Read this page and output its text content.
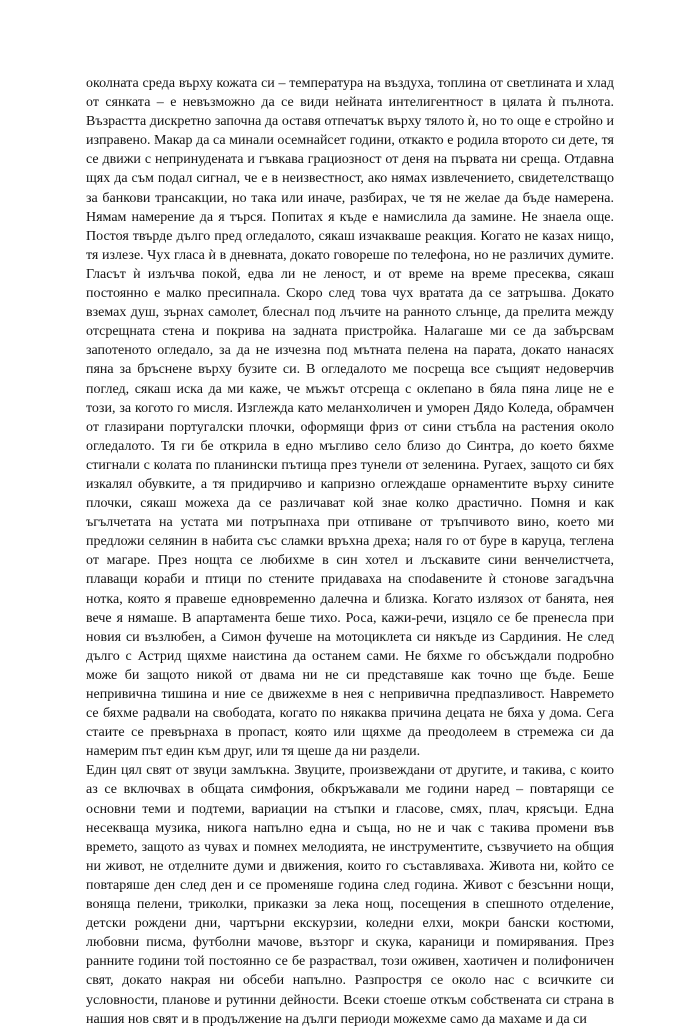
околната среда върху кожата си – температура на въздуха, топлина от светлината и хлад от сянката – е невъзможно да се види нейната интелигентност в цялата ѝ пълнота. Възрастта дискретно започна да оставя отпечатък върху тялото ѝ, но то още е стройно и изправено. Макар да са минали осемнайсет години, откакто е родила второто си дете, тя се движи с непринудената и гъвкава грациозност от деня на първата ни среща. Отдавна щях да съм подал сигнал, че е в неизвестност, ако нямах извлечението, свидетелстващо за банкови трансакции, но така или иначе, разбирах, че тя не желае да бъде намерена. Нямам намерение да я търся. Попитах я къде е намислила да замине. Не знаела още. Постоя твърде дълго пред огледалото, сякаш изчакваше реакция. Когато не казах нищо, тя излезе. Чух гласа ѝ в дневната, докато говореше по телефона, но не различих думите. Гласът ѝ излъчва покой, едва ли не леност, и от време на време пресеква, сякаш постоянно е малко пресипнала. Скоро след това чух вратата да се затръшва. Докато вземах душ, зърнах самолет, блеснал под лъчите на ранното слънце, да прелита между отсрещната стена и покрива на задната пристройка. Налагаше ми се да забърсвам запотеното огледало, за да не изчезна под мътната пелена на парата, докато нанасях пяна за бръснене върху бузите си. В огледалото ме посреща все същият недоверчив поглед, сякаш иска да ми каже, че мъжът отсреща с оклепано в бяла пяна лице не е този, за когото го мисля. Изглежда като меланхоличен и уморен Дядо Коледа, обрамчен от глазирани португалски плочки, оформящи фриз от сини стъбла на растения около огледалото. Тя ги бе открила в едно мъгливо село близо до Синтра, до което бяхме стигнали с колата по планински пътища през тунели от зеленина. Ругаех, защото си бях изкалял обувките, а тя придирчиво и капризно оглеждаше орнаментите върху сините плочки, сякаш можеха да се различават кой знае колко драстично. Помня и как ъгълчетата на устата ми потръпнаха при отпиване от тръпчивото вино, което ми предложи селянин в набита със сламки връхна дреха; наля го от буре в каруца, теглена от магаре. През нощта се любихме в син хотел и лъскавите сини венчелистчета, плаващи кораби и птици по стените придаваха на спodaвeнитe ѝ стонове загадъчна нотка, която я правеше едновременно далечна и близка. Когато излязох от банята, нея вече я нямаше. В апартамента беше тихо. Роса, кажи-речи, изцяло се бе пренесла при новия си възлюбен, а Симон фучеше на мотоциклета си някъде из Сардиния. Не след дълго с Астрид щяхме наистина да останем сами. Не бяхме го обсъждали подробно може би защото никой от двама ни не си представяше как точно ще бъде. Беше непривична тишина и ние се движехме в нея с непривична предпазливост. Навремето се бяхме радвали на свободата, когато по някаква причина децата не бяха у дома. Сега стаите се превърнаха в пропаст, която или щяхме да преодолеем в стремежа си да намерим път един към друг, или тя щеше да ни раздели.

Един цял свят от звуци замлъкна. Звуците, произвеждани от другите, и такива, с които аз се включвах в общата симфония, обкръжавали ме години наред – повтарящи се основни теми и подтеми, вариации на стъпки и гласове, смях, плач, крясъци. Една несекваща музика, никога напълно една и съща, но не и чак с такива промени във времето, защото аз чувах и помнех мелодията, не инструментите, съзвучието на общия ни живот, не отделните думи и движения, които го съставляваха. Живота ни, който се повтаряше ден след ден и се променяше година след година. Живот с безсънни нощи, воняща пелени, триколки, приказки за лека нощ, посещения в спешното отделение, детски рождени дни, чартърни екскурзии, коледни елхи, мокри бански костюми, любовни писма, футболни мачове, възторг и скука, караници и помирявания. През ранните години той постоянно се бе разраствал, този оживен, хаотичен и полифоничен свят, докато накрая ни обсеби напълно. Разпростря се около нас с всичките си условности, планове и рутинни дейности. Всеки стоеше откъм собствената си страна в нашия нов свят и в продължение на дълги периоди можехме само да махаме и да си
